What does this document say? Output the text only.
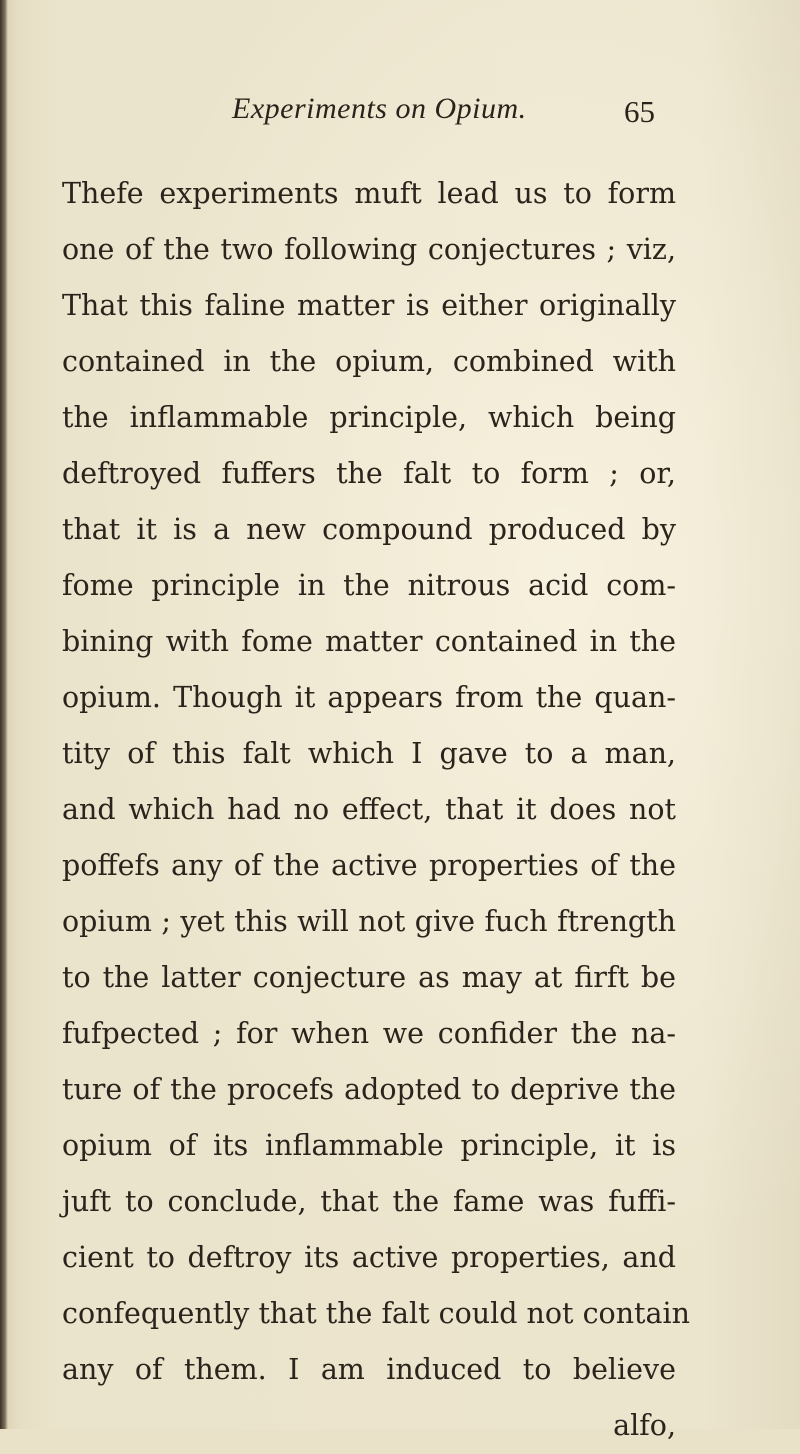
Experiments on Opium.	65
Thefe experiments muft lead us to form
one of the two following conjectures ; viz,
That this faline matter is either originally
contained in the opium, combined with
the inflammable principle, which being
deftroyed fuffers the falt to form ; or,
that it is a new compound produced by
fome principle in the nitrous acid com-
bining with fome matter contained in the
opium. Though it appears from the quan-
tity of this falt which I gave to a man,
and which had no effect, that it does not
poffefs any of the active properties of the
opium ; yet this will not give fuch ftrength
to the latter conjecture as may at firft be
fufpected ; for when we confider the na-
ture of the procefs adopted to deprive the
opium of its inflammable principle, it is
juft to conclude, that the fame was fuffi-
cient to deftroy its active properties, and
confequently that the falt could not contain
any of them. I am induced to believe
alfo,
